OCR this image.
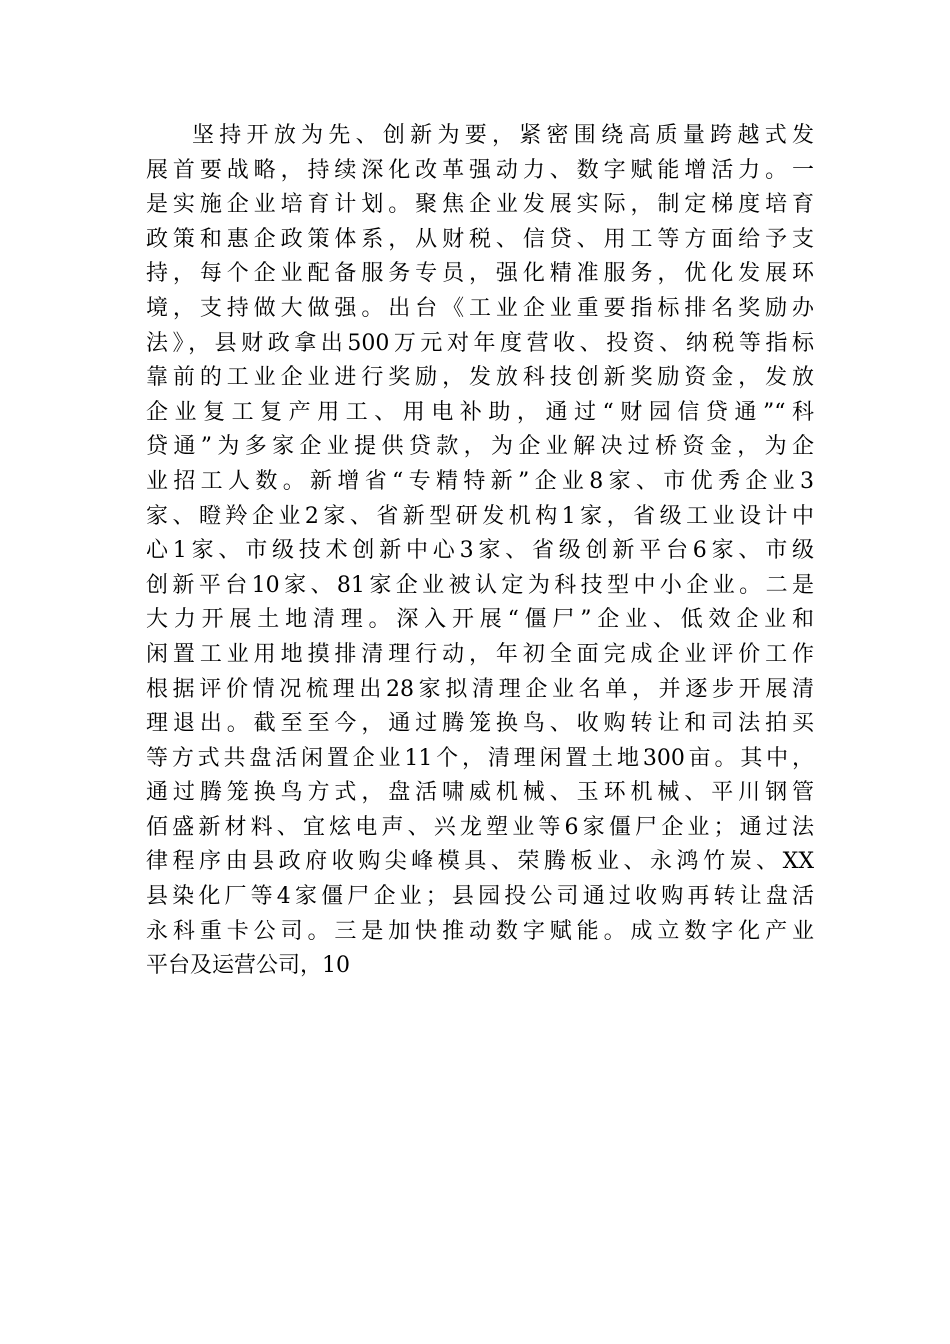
坚持开放为先、创新为要，紧密围绕高质量跨越式发
展首要战略，持续深化改革强动力、数字赋能增活力。一
是实施企业培育计划。聚焦企业发展实际，制定梯度培育
政策和惠企政策体系，从财税、信贷、用工等方面给予支
持，每个企业配备服务专员，强化精准服务，优化发展环
境，支持做大做强。出台《工业企业重要指标排名奖励办
法》，县财政拿出500万元对年度营收、投资、纳税等指标
靠前的工业企业进行奖励，发放科技创新奖励资金，发放
企业复工复产用工、用电补助，通过“财园信贷通”“科
贷通”为多家企业提供贷款，为企业解决过桥资金，为企
业招工人数。新增省“专精特新”企业8家、市优秀企业3
家、瞪羚企业2家、省新型研发机构1家，省级工业设计中
心1家、市级技术创新中心3家、省级创新平台6家、市级
创新平台10家、81家企业被认定为科技型中小企业。二是
大力开展土地清理。深入开展“僵尸”企业、低效企业和
闲置工业用地摸排清理行动，年初全面完成企业评价工作
根据评价情况梳理出28家拟清理企业名单，并逐步开展清
理退出。截至至今，通过腾笼换鸟、收购转让和司法拍买
等方式共盘活闲置企业11个，清理闲置土地300亩。其中，
通过腾笼换鸟方式，盘活啸威机械、玉环机械、平川钢管
佰盛新材料、宜炫电声、兴龙塑业等6家僵尸企业；通过法
律程序由县政府收购尖峰模具、荣腾板业、永鸿竹炭、XX
县染化厂等4家僵尸企业；县园投公司通过收购再转让盘活
永科重卡公司。三是加快推动数字赋能。成立数字化产业
平台及运营公司，10
